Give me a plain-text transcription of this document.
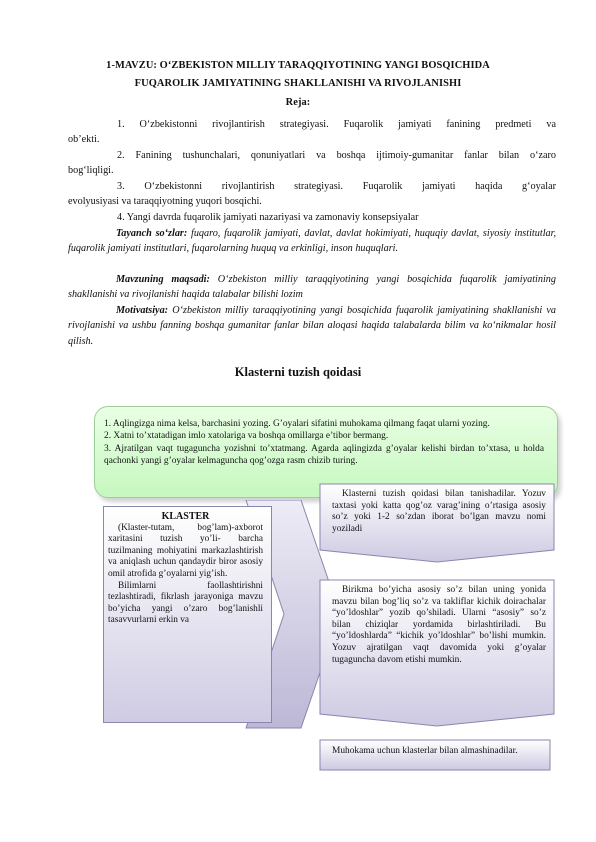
1-MAVZU: O‘ZBEKISTON MILLIY TARAQQIYOTINING YANGI BOSQICHIDA
FUQAROLIK JAMIYATINING SHAKLLANISHI VA RIVOJLANISHI
Reja:
1. O‘zbekistonni rivojlantirish strategiyasi. Fuqarolik jamiyati fanining predmeti va
ob’ekti.
2. Fanining tushunchalari, qonuniyatlari va boshqa ijtimoiy-gumanitar fanlar bilan o‘zaro
bog‘liqligi.
3. O‘zbekistonni rivojlantirish strategiyasi. Fuqarolik jamiyati haqida g‘oyalar
evolyusiyasi va taraqqiyotning yuqori bosqichi.
4. Yangi davrda fuqarolik jamiyati nazariyasi va zamonaviy konsepsiyalar
Tayanch so‘zlar: fuqaro, fuqarolik jamiyati, davlat, davlat hokimiyati, huquqiy davlat, siyosiy institutlar, fuqarolik jamiyati institutlari, fuqarolarning huquq va erkinligi, inson huquqlari.
Mavzuning maqsadi: O‘zbekiston milliy taraqqiyotining yangi bosqichida fuqarolik jamiyatining shakllanishi va rivojlanishi haqida talabalar bilishi lozim
Motivatsiya: O‘zbekiston milliy taraqqiyotining yangi bosqichida fuqarolik jamiyatining shakllanishi va rivojlanishi va ushbu fanning boshqa gumanitar fanlar bilan aloqasi haqida talabalarda bilim va ko‘nikmalar hosil qilish.
Klasterni tuzish qoidasi
1. Aqlingizga nima kelsa, barchasini yozing. G’oyalari sifatini muhokama qilmang faqat ularni yozing.
2. Xatni to’xtatadigan imlo xatolariga va boshqa omillarga e’tibor bermang.
3. Ajratilgan vaqt tugaguncha yozishni to’xtatmang. Agarda aqlingizda g’oyalar kelishi birdan to’xtasa, u holda qachonki yangi g’oyalar kelmaguncha qog’ozga rasm chizib turing.
KLASTER
(Klaster-tutam, bog’lam)-axborot xaritasini tuzish yo’li- barcha tuzilmaning mohiyatini markazlashtirish va aniqlash uchun qandaydir biror asosiy omil atrofida g’oyalarni yig’ish.
Bilimlarni faollashtirishni tezlashtiradi, fikrlash jarayoniga mavzu bo’yicha yangi o’zaro bog’lanishli tasavvurlarni erkin va
Klasterni tuzish qoidasi bilan tanishadilar. Yozuv taxtasi yoki katta qog’oz varag’ining o’rtasiga asosiy so’z yoki 1-2 so’zdan iborat bo’lgan mavzu nomi yoziladi
Birikma bo’yicha asosiy so’z bilan uning yonida mavzu bilan bog’liq so’z va takliflar kichik doirachalar “yo’ldoshlar” yozib qo’shiladi. Ularni “asosiy” so’z bilan chiziqlar yordamida birlashtiriladi. Bu “yo’ldoshlarda” “kichik yo’ldoshlar” bo’lishi mumkin. Yozuv ajratilgan vaqt davomida yoki g’oyalar tugaguncha davom etishi mumkin.
Muhokama uchun klasterlar bilan almashinadilar.
